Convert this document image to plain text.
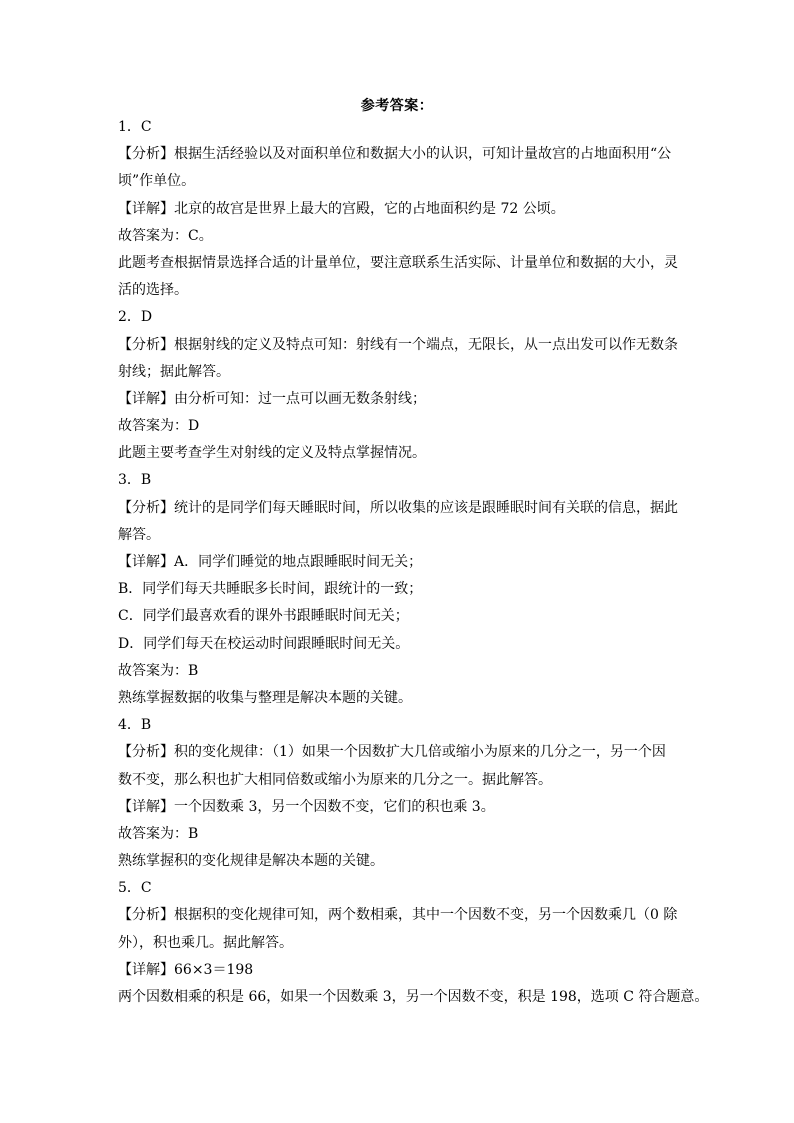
参考答案：
1．C
【分析】根据生活经验以及对面积单位和数据大小的认识，可知计量故宫的占地面积用“公
顷”作单位。
【详解】北京的故宫是世界上最大的宫殿，它的占地面积约是 72 公顷。
故答案为：C。
此题考查根据情景选择合适的计量单位，要注意联系生活实际、计量单位和数据的大小，灵
活的选择。
2．D
【分析】根据射线的定义及特点可知：射线有一个端点，无限长，从一点出发可以作无数条
射线；据此解答。
【详解】由分析可知：过一点可以画无数条射线；
故答案为：D
此题主要考查学生对射线的定义及特点掌握情况。
3．B
【分析】统计的是同学们每天睡眠时间，所以收集的应该是跟睡眠时间有关联的信息，据此
解答。
【详解】A．同学们睡觉的地点跟睡眠时间无关；
B．同学们每天共睡眠多长时间，跟统计的一致；
C．同学们最喜欢看的课外书跟睡眠时间无关；
D．同学们每天在校运动时间跟睡眠时间无关。
故答案为：B
熟练掌握数据的收集与整理是解决本题的关键。
4．B
【分析】积的变化规律：（1）如果一个因数扩大几倍或缩小为原来的几分之一，另一个因
数不变，那么积也扩大相同倍数或缩小为原来的几分之一。据此解答。
【详解】一个因数乘 3，另一个因数不变，它们的积也乘 3。
故答案为：B
熟练掌握积的变化规律是解决本题的关键。
5．C
【分析】根据积的变化规律可知，两个数相乘，其中一个因数不变，另一个因数乘几（0 除
外），积也乘几。据此解答。
【详解】66×3＝198
两个因数相乘的积是 66，如果一个因数乘 3，另一个因数不变，积是 198，选项 C 符合题意。
